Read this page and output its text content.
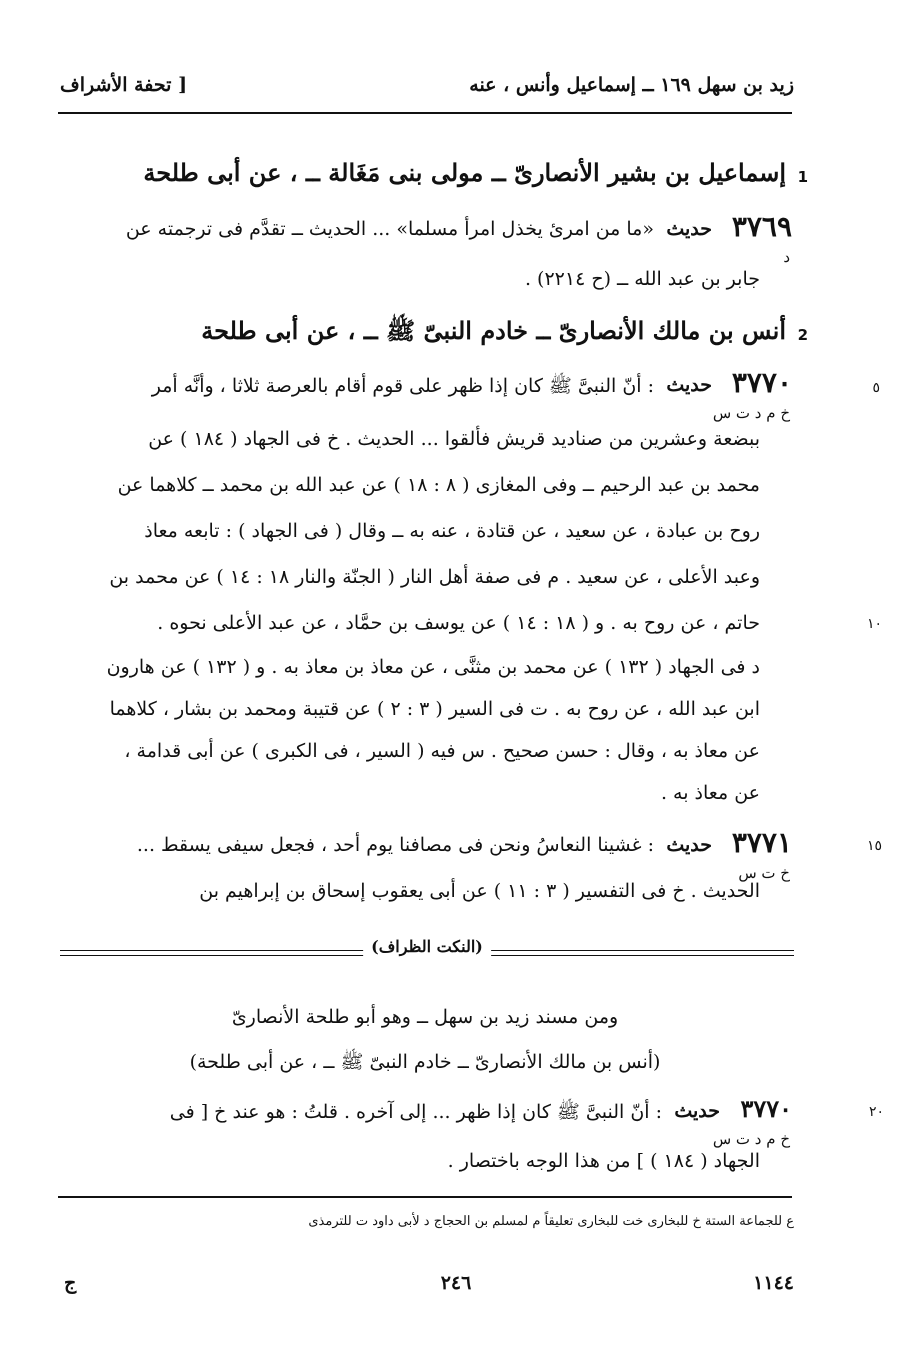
زيد بن سهل ١٦٩ ــ إسماعيل وأنس ، عنه
[ تحفة الأشراف
1
إسماعيل بن بشير الأنصارىّ ــ مولى بنى مَغَالة ــ ، عن أبى طلحة
٣٧٦٩
د
حديث
«ما من امرئ يخذل امرأ مسلما» ... الحديث ــ تقدَّم فى ترجمته عن
جابر بن عبد الله ــ (ح ٢٢١٤) .
2
أنس بن مالك الأنصارىّ ــ خادم النبىّ ﷺ ــ ، عن أبى طلحة
٣٧٧٠
خ م د ت س
حديث
: أنّ النبىَّ ﷺ كان إذا ظهر على قوم أقام بالعرصة ثلاثا ، وأنَّه أمر	٥
ببضعة وعشرين من صناديد قريش فألقوا ... الحديث . خ فى الجهاد ( ١٨٤ ) عن
محمد بن عبد الرحيم ــ وفى المغازى ( ٨ : ١٨ ) عن عبد الله بن محمد ــ كلاهما عن
روح بن عبادة ، عن سعيد ، عن قتادة ، عنه به ــ وقال ( فى الجهاد ) : تابعه معاذ
وعبد الأعلى ، عن سعيد . م فى صفة أهل النار ( الجنّة والنار ١٨ : ١٤ ) عن محمد بن
حاتم ، عن روح به . و ( ١٨ : ١٤ ) عن يوسف بن حمَّاد ، عن عبد الأعلى نحوه .	١٠
د فى الجهاد ( ١٣٢ ) عن محمد بن مثنَّى ، عن معاذ بن معاذ به . و ( ١٣٢ ) عن هارون
ابن عبد الله ، عن روح به . ت فى السير ( ٣ : ٢ ) عن قتيبة ومحمد بن بشار ، كلاهما
عن معاذ به ، وقال : حسن صحيح . س فيه ( السير ، فى الكبرى ) عن أبى قدامة ،
عن معاذ به .
٣٧٧١
خ ت س
حديث
: غشينا النعاسُ ونحن فى مصافنا يوم أحد ، فجعل سيفى يسقط ...	١٥
الحديث . خ فى التفسير ( ٣ : ١١ ) عن أبى يعقوب إسحاق بن إبراهيم بن
(النكت الظراف)
ومن مسند زيد بن سهل ــ وهو أبو طلحة الأنصارىّ
(أنس بن مالك الأنصارىّ ــ خادم النبىّ ﷺ ــ ، عن أبى طلحة)
٣٧٧٠
خ م د ت س
حديث
: أنّ النبىَّ ﷺ كان إذا ظهر ... إلى آخره . قلتُ : هو عند خ [ فى	٢٠
الجهاد ( ١٨٤ ) ] من هذا الوجه باختصار .
ع للجماعة الستة خ للبخارى خت للبخارى تعليقاً م لمسلم بن الحجاج د لأبى داود ت للترمذى
١١٤٤
٢٤٦
ج
